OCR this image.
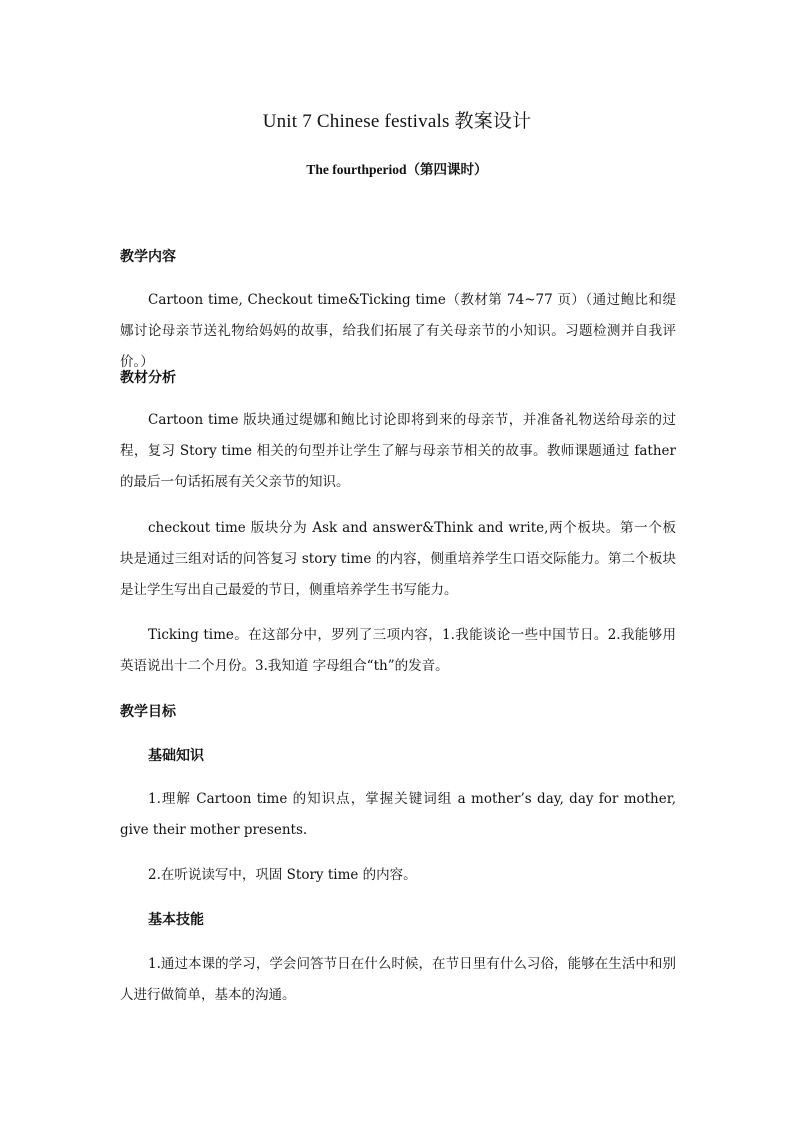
Unit 7 Chinese festivals 教案设计
The fourthperiod（第四课时）
教学内容
Cartoon time, Checkout time&Ticking time（教材第 74~77 页）（通过鲍比和缇娜讨论母亲节送礼物给妈妈的故事，给我们拓展了有关母亲节的小知识。习题检测并自我评价。）
教材分析
Cartoon time 版块通过缇娜和鲍比讨论即将到来的母亲节，并准备礼物送给母亲的过程，复习 Story time 相关的句型并让学生了解与母亲节相关的故事。教师课题通过 father 的最后一句话拓展有关父亲节的知识。
checkout time 版块分为 Ask and answer&Think and write,两个板块。第一个板块是通过三组对话的问答复习 story time 的内容，侧重培养学生口语交际能力。第二个板块是让学生写出自己最爱的节日，侧重培养学生书写能力。
Ticking time。在这部分中，罗列了三项内容，1.我能谈论一些中国节日。2.我能够用英语说出十二个月份。3.我知道 字母组合“th”的发音。
教学目标
基础知识
1.理解 Cartoon time 的知识点，掌握关键词组 a mother’s day, day for mother, give their mother presents.
2.在听说读写中，巩固 Story time 的内容。
基本技能
1.通过本课的学习，学会问答节日在什么时候，在节日里有什么习俗，能够在生活中和别人进行做简单，基本的沟通。
